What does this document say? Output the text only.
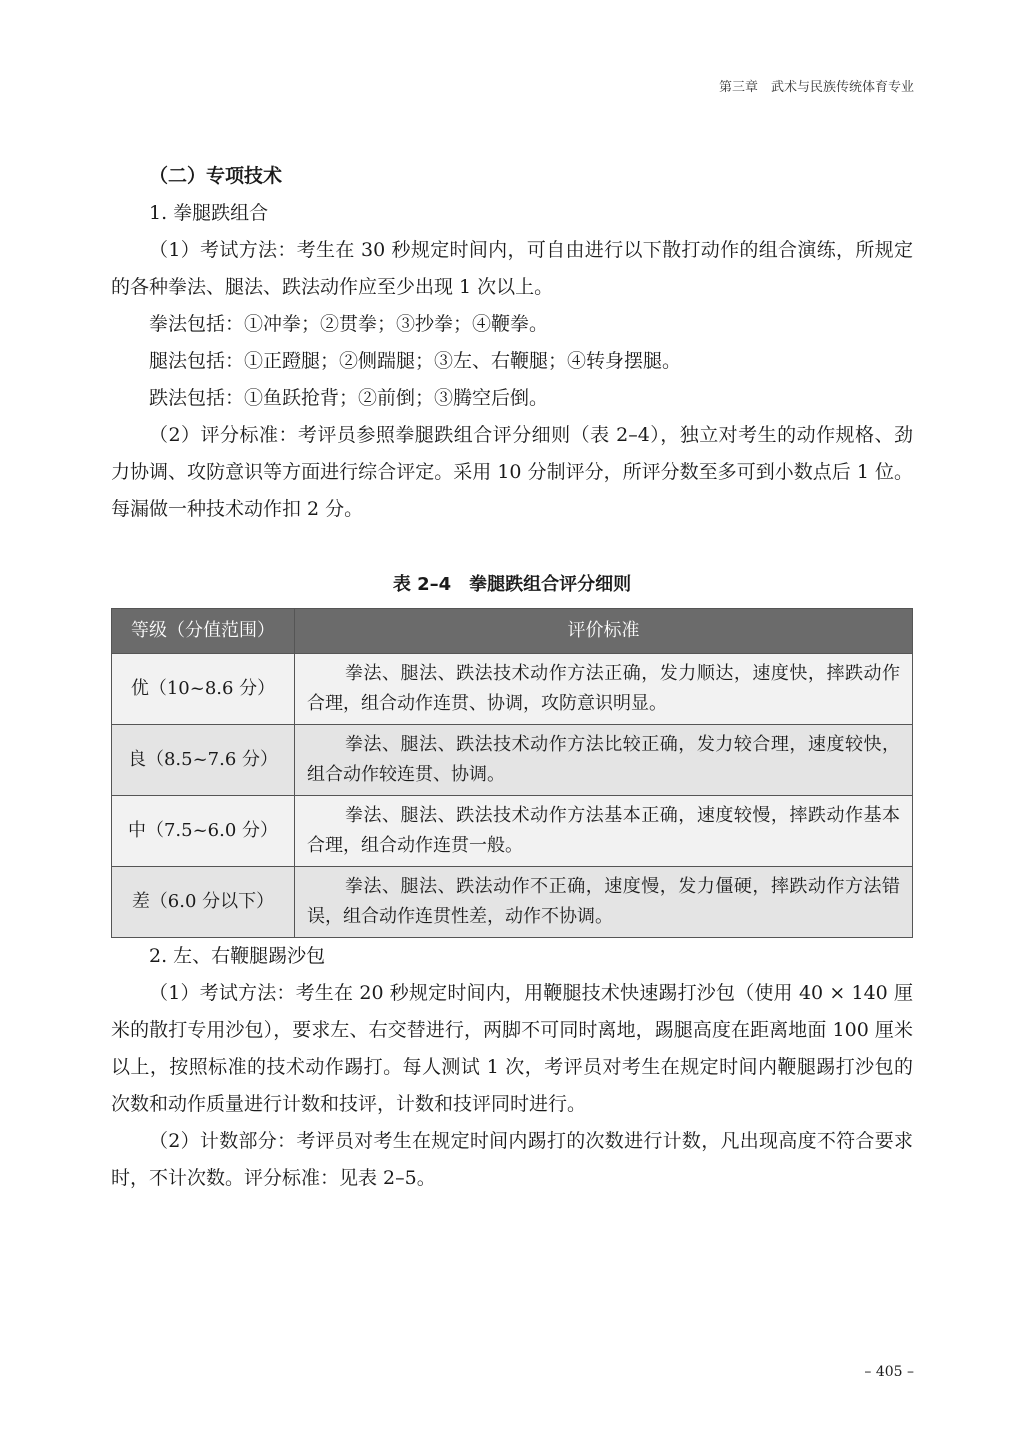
第三章　武术与民族传统体育专业

（二）专项技术

1. 拳腿跌组合

（1）考试方法：考生在 30 秒规定时间内，可自由进行以下散打动作的组合演练，所规定的各种拳法、腿法、跌法动作应至少出现 1 次以上。

拳法包括：①冲拳；②贯拳；③抄拳；④鞭拳。

腿法包括：①正蹬腿；②侧踹腿；③左、右鞭腿；④转身摆腿。

跌法包括：①鱼跃抢背；②前倒；③腾空后倒。

（2）评分标准：考评员参照拳腿跌组合评分细则（表 2–4），独立对考生的动作规格、劲力协调、攻防意识等方面进行综合评定。采用 10 分制评分，所评分数至多可到小数点后 1 位。每漏做一种技术动作扣 2 分。

表 2–4　拳腿跌组合评分细则
等级（分值范围）	评价标准
优（10~8.6 分）	拳法、腿法、跌法技术动作方法正确，发力顺达，速度快，摔跌动作合理，组合动作连贯、协调，攻防意识明显。
良（8.5~7.6 分）	拳法、腿法、跌法技术动作方法比较正确，发力较合理，速度较快，组合动作较连贯、协调。
中（7.5~6.0 分）	拳法、腿法、跌法技术动作方法基本正确，速度较慢，摔跌动作基本合理，组合动作连贯一般。
差（6.0 分以下）	拳法、腿法、跌法动作不正确，速度慢，发力僵硬，摔跌动作方法错误，组合动作连贯性差，动作不协调。

2. 左、右鞭腿踢沙包

（1）考试方法：考生在 20 秒规定时间内，用鞭腿技术快速踢打沙包（使用 40 × 140 厘米的散打专用沙包），要求左、右交替进行，两脚不可同时离地，踢腿高度在距离地面 100 厘米以上，按照标准的技术动作踢打。每人测试 1 次，考评员对考生在规定时间内鞭腿踢打沙包的次数和动作质量进行计数和技评，计数和技评同时进行。

（2）计数部分：考评员对考生在规定时间内踢打的次数进行计数，凡出现高度不符合要求时，不计次数。评分标准：见表 2–5。

– 405 –
